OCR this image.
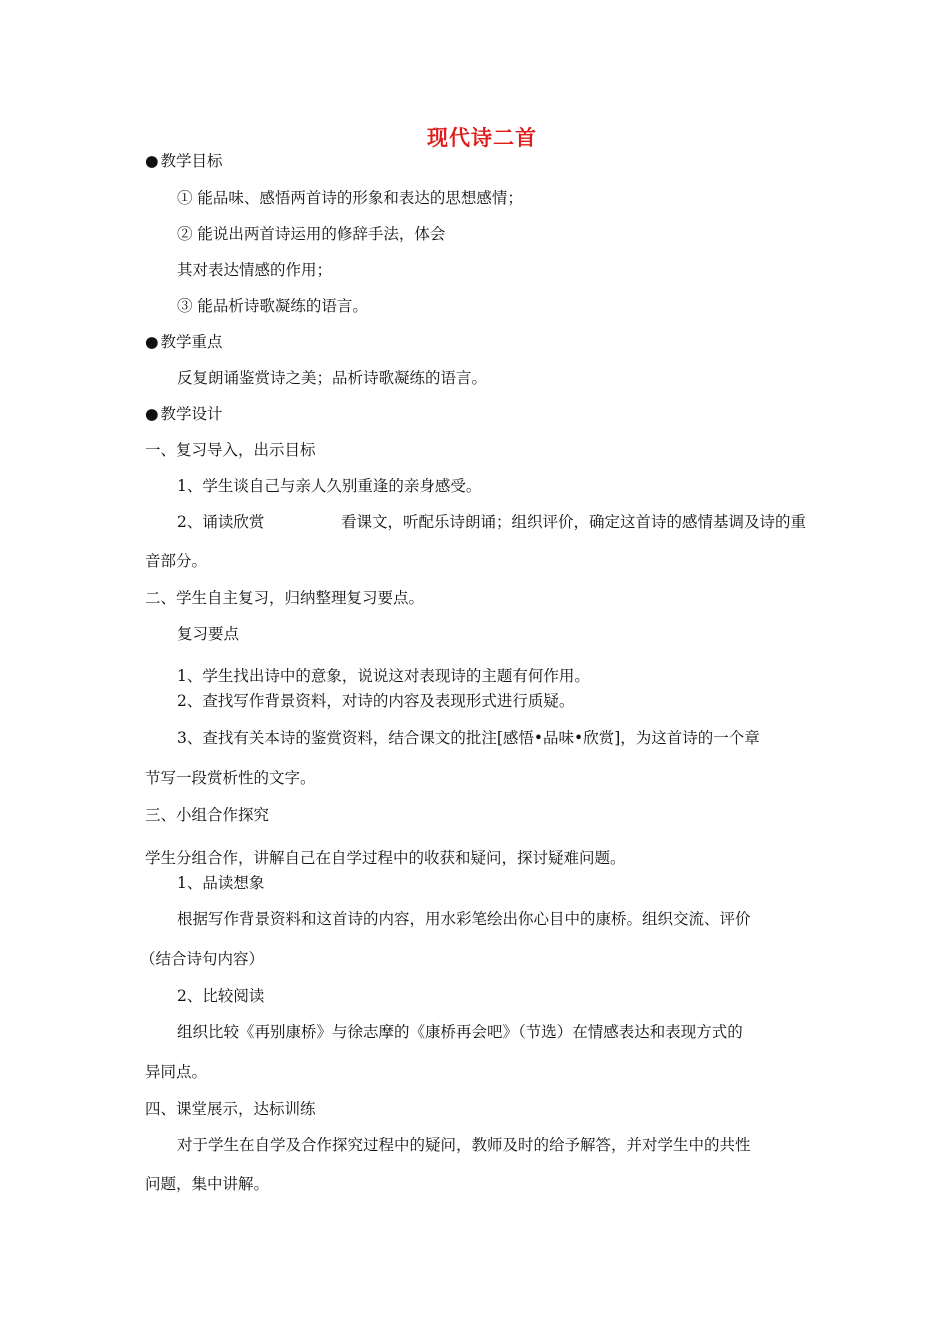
现代诗二首
● 教学目标
① 能品味、感悟两首诗的形象和表达的思想感情；
② 能说出两首诗运用的修辞手法，体会
其对表达情感的作用；
③ 能品析诗歌凝练的语言。
● 教学重点
反复朗诵鉴赏诗之美；品析诗歌凝练的语言。
● 教学设计
一、复习导入，出示目标
1、学生谈自己与亲人久别重逢的亲身感受。
2、诵读欣赏	看课文，听配乐诗朗诵；组织评价，确定这首诗的感情基调及诗的重
音部分。
二、学生自主复习，归纳整理复习要点。
复习要点
1、学生找出诗中的意象，说说这对表现诗的主题有何作用。
2、查找写作背景资料，对诗的内容及表现形式进行质疑。
3、查找有关本诗的鉴赏资料，结合课文的批注[感悟•品味•欣赏]，为这首诗的一个章
节写一段赏析性的文字。
三、小组合作探究
学生分组合作，讲解自己在自学过程中的收获和疑问，探讨疑难问题。
1、品读想象
根据写作背景资料和这首诗的内容，用水彩笔绘出你心目中的康桥。组织交流、评价
（结合诗句内容）
2、比较阅读
组织比较《再别康桥》与徐志摩的《康桥再会吧》（节选）在情感表达和表现方式的
异同点。
四、课堂展示，达标训练
对于学生在自学及合作探究过程中的疑问，教师及时的给予解答，并对学生中的共性
问题，集中讲解。
